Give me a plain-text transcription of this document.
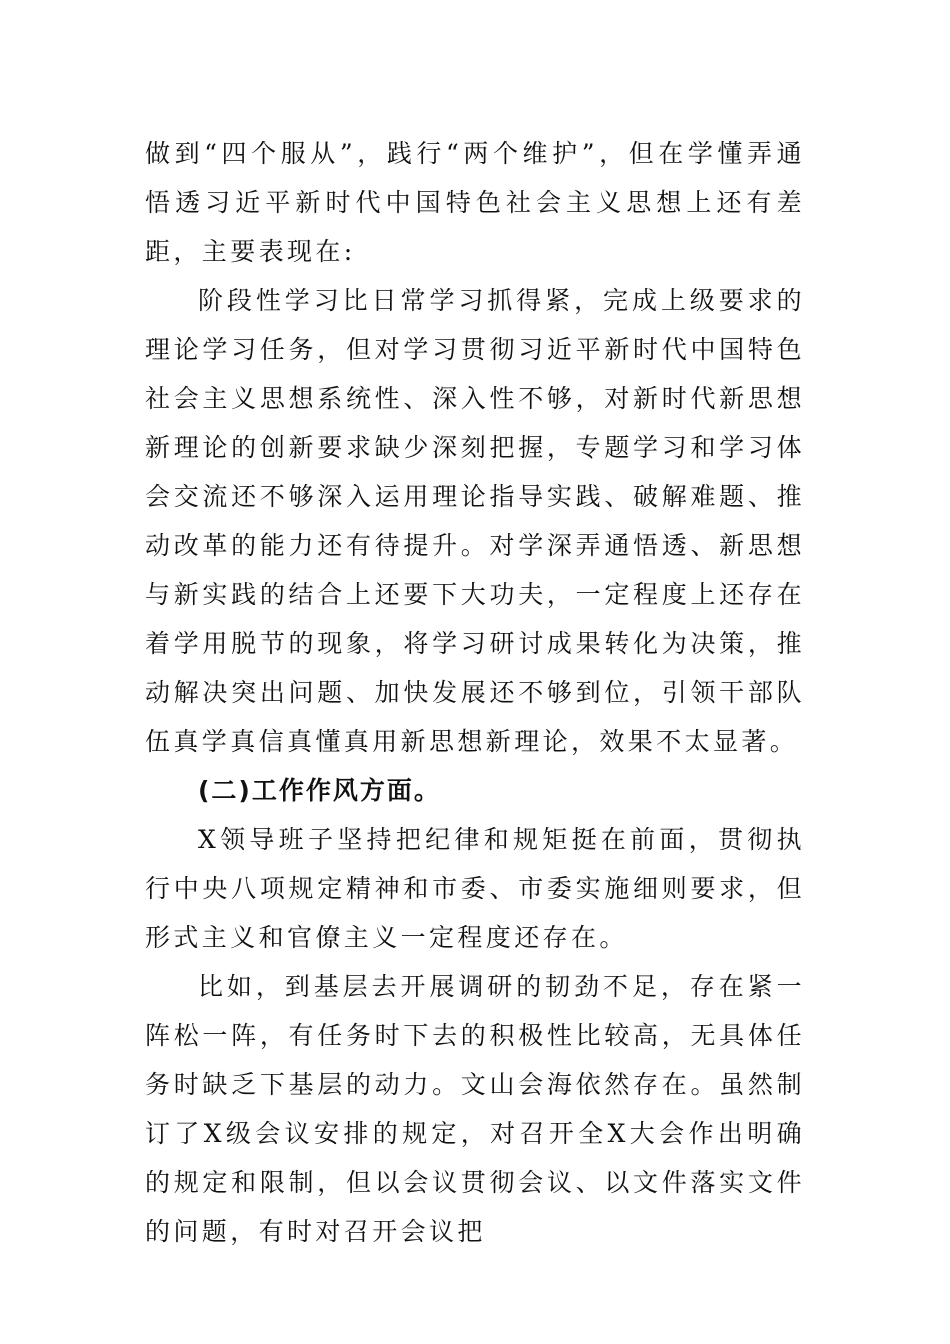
做到“四个服从”，践行“两个维护”，但在学懂弄通悟透习近平新时代中国特色社会主义思想上还有差距，主要表现在:

阶段性学习比日常学习抓得紧，完成上级要求的理论学习任务，但对学习贯彻习近平新时代中国特色社会主义思想系统性、深入性不够，对新时代新思想新理论的创新要求缺少深刻把握，专题学习和学习体会交流还不够深入运用理论指导实践、破解难题、推动改革的能力还有待提升。对学深弄通悟透、新思想与新实践的结合上还要下大功夫，一定程度上还存在着学用脱节的现象，将学习研讨成果转化为决策，推动解决突出问题、加快发展还不够到位，引领干部队伍真学真信真懂真用新思想新理论，效果不太显著。

(二)工作作风方面。

X领导班子坚持把纪律和规矩挺在前面，贯彻执行中央八项规定精神和市委、市委实施细则要求，但形式主义和官僚主义一定程度还存在。

比如，到基层去开展调研的韧劲不足，存在紧一阵松一阵，有任务时下去的积极性比较高，无具体任务时缺乏下基层的动力。文山会海依然存在。虽然制订了X级会议安排的规定，对召开全X大会作出明确的规定和限制，但以会议贯彻会议、以文件落实文件的问题，有时对召开会议把
